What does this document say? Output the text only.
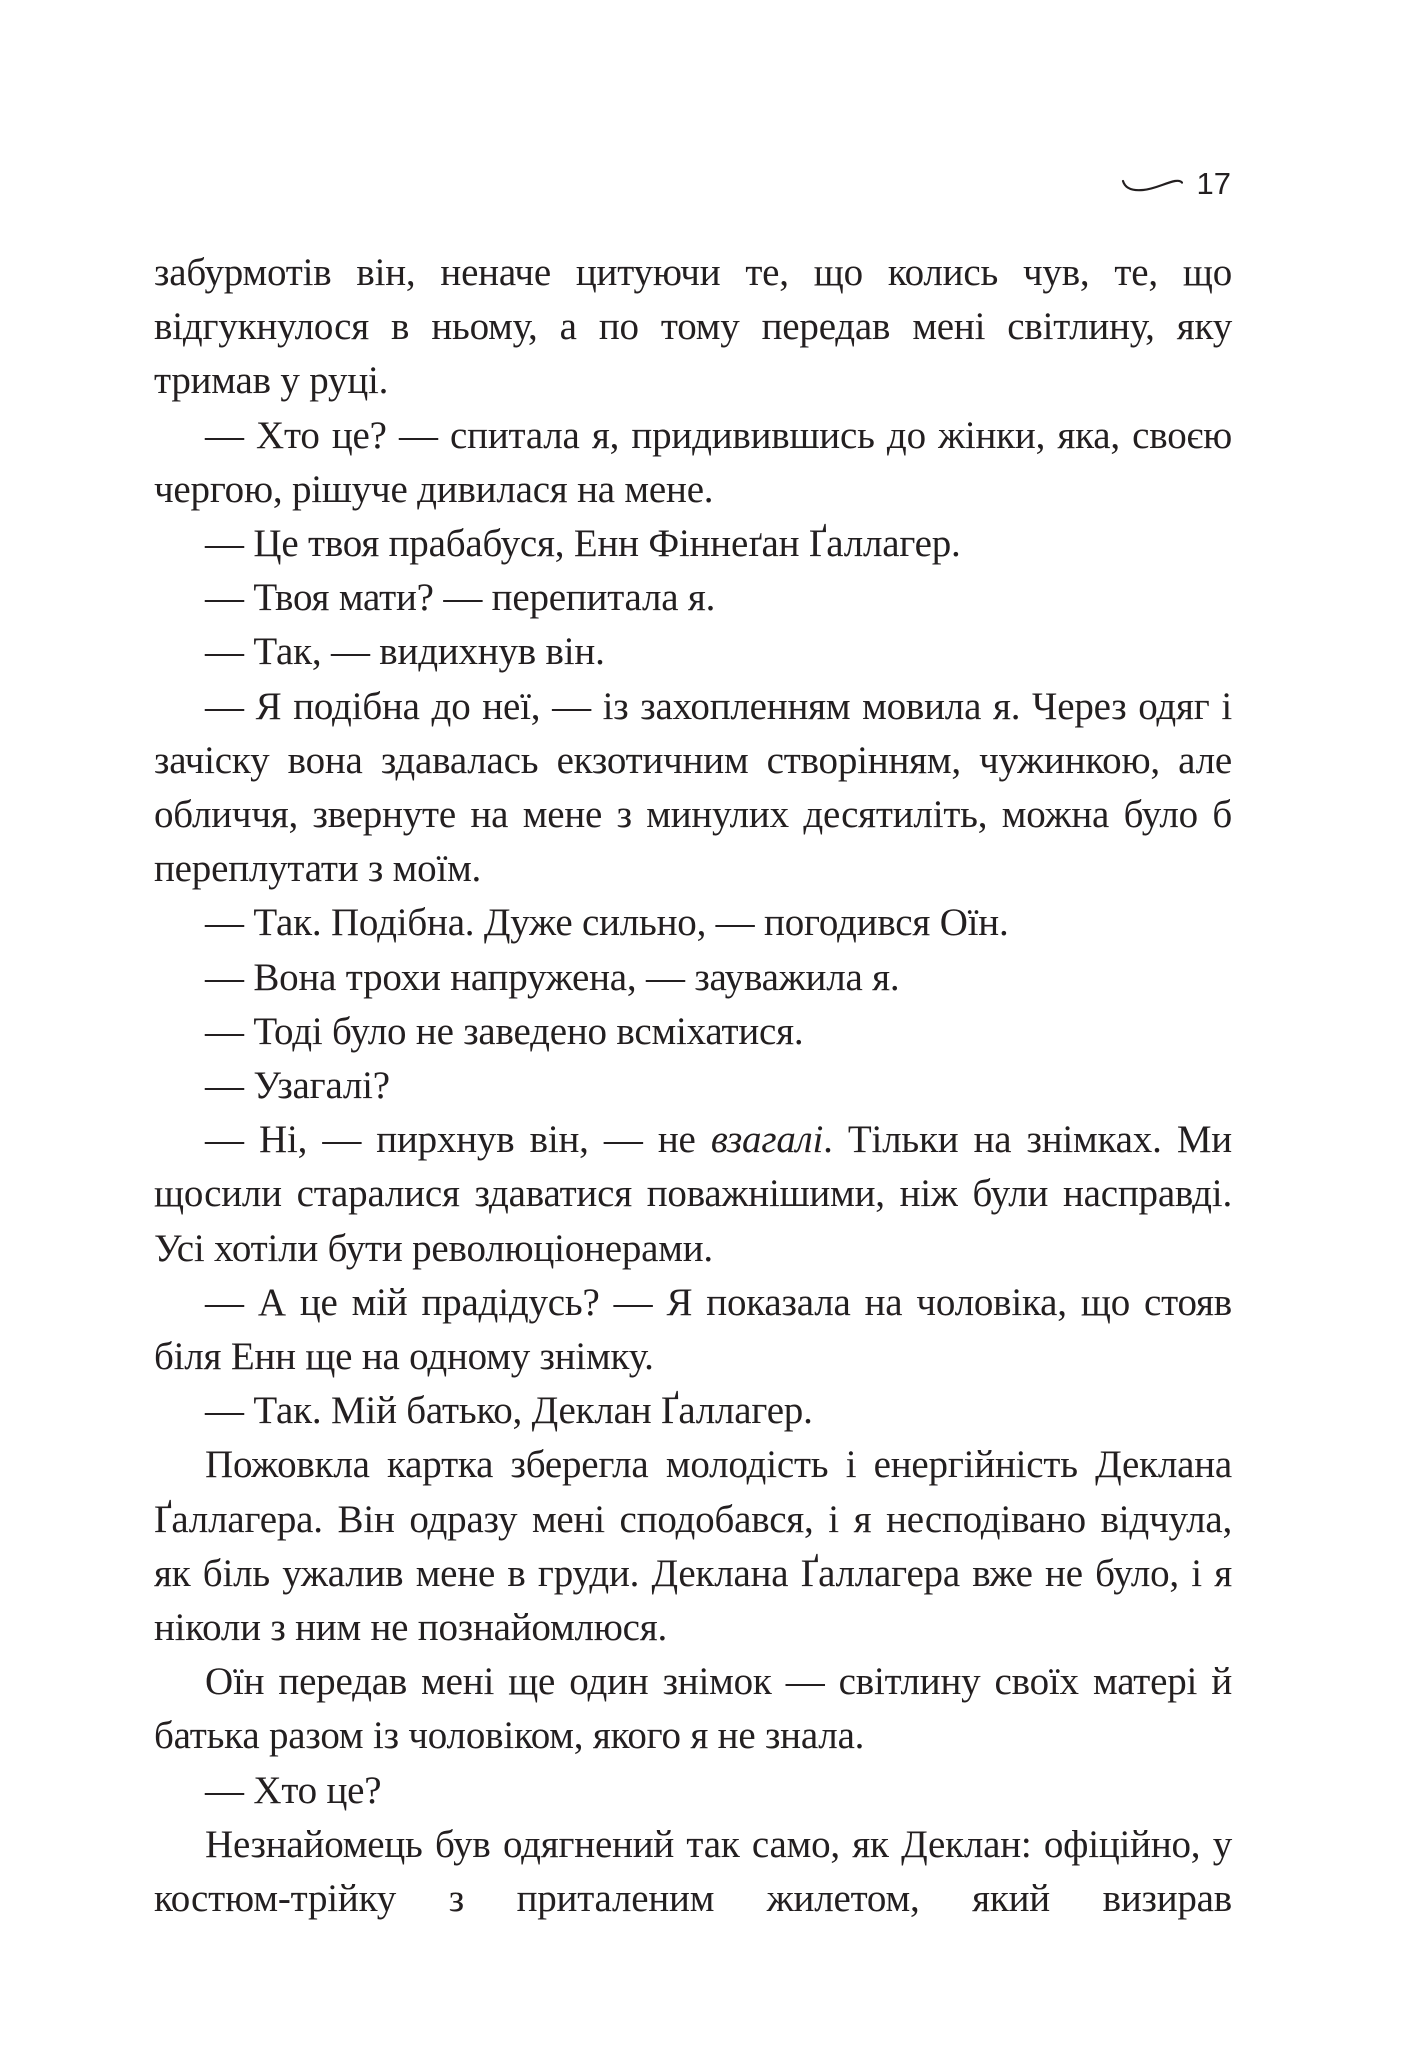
17

забурмотів він, неначе цитуючи те, що колись чув, те, що відгукнулося в ньому, а по тому передав мені світлину, яку тримав у руці.

— Хто це? — спитала я, придивившись до жінки, яка, своєю чергою, рішуче дивилася на мене.

— Це твоя прабабуся, Енн Фіннеґан Ґаллагер.

— Твоя мати? — перепитала я.

— Так, — видихнув він.

— Я подібна до неї, — із захопленням мовила я. Через одяг і зачіску вона здавалась екзотичним створінням, чужинкою, але обличчя, звернуте на мене з минулих десятиліть, можна було б переплутати з моїм.

— Так. Подібна. Дуже сильно, — погодився Оїн.

— Вона трохи напружена, — зауважила я.

— Тоді було не заведено всміхатися.

— Узагалі?

— Ні, — пирхнув він, — не взагалі. Тільки на знімках. Ми щосили старалися здаватися поважнішими, ніж були насправді. Усі хотіли бути революціонерами.

— А це мій прадідусь? — Я показала на чоловіка, що стояв біля Енн ще на одному знімку.

— Так. Мій батько, Деклан Ґаллагер.

Пожовкла картка зберегла молодість і енергійність Деклана Ґаллагера. Він одразу мені сподобався, і я несподівано відчула, як біль ужалив мене в груди. Деклана Ґаллагера вже не було, і я ніколи з ним не познайомлюся.

Оїн передав мені ще один знімок — світлину своїх матері й батька разом із чоловіком, якого я не знала.

— Хто це?

Незнайомець був одягнений так само, як Деклан: офіційно, у костюм-трійку з приталеним жилетом, який визирав
